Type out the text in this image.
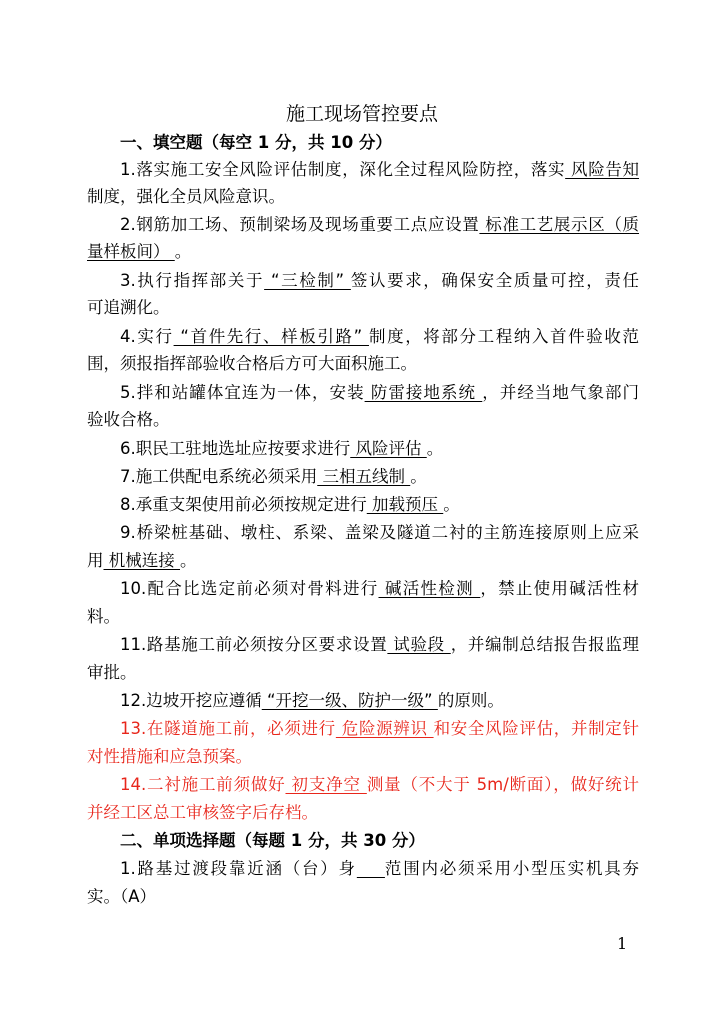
施工现场管控要点
一、填空题（每空 1 分，共 10 分）
1.落实施工安全风险评估制度，深化全过程风险防控，落实 风险告知
制度，强化全员风险意识。
2.钢筋加工场、预制梁场及现场重要工点应设置 标准工艺展示区（质
量样板间） 。
3.执行指挥部关于 “三检制” 签认要求，确保安全质量可控，责任
可追溯化。
4.实行 “首件先行、样板引路” 制度，将部分工程纳入首件验收范
围，须报指挥部验收合格后方可大面积施工。
5.拌和站罐体宜连为一体，安装 防雷接地系统 ，并经当地气象部门
验收合格。
6.职民工驻地选址应按要求进行 风险评估 。
7.施工供配电系统必须采用 三相五线制 。
8.承重支架使用前必须按规定进行 加载预压 。
9.桥梁桩基础、墩柱、系梁、盖梁及隧道二衬的主筋连接原则上应采
用 机械连接 。
10.配合比选定前必须对骨料进行 碱活性检测 ，禁止使用碱活性材
料。
11.路基施工前必须按分区要求设置 试验段 ，并编制总结报告报监理
审批。
12.边坡开挖应遵循 “开挖一级、防护一级” 的原则。
13.在隧道施工前，必须进行 危险源辨识 和安全风险评估，并制定针
对性措施和应急预案。
14.二衬施工前须做好 初支净空 测量（不大于 5m/断面），做好统计
并经工区总工审核签字后存档。
二、单项选择题（每题 1 分，共 30 分）
1.路基过渡段靠近涵（台）身 范围内必须采用小型压实机具夯
实。（A）
1
